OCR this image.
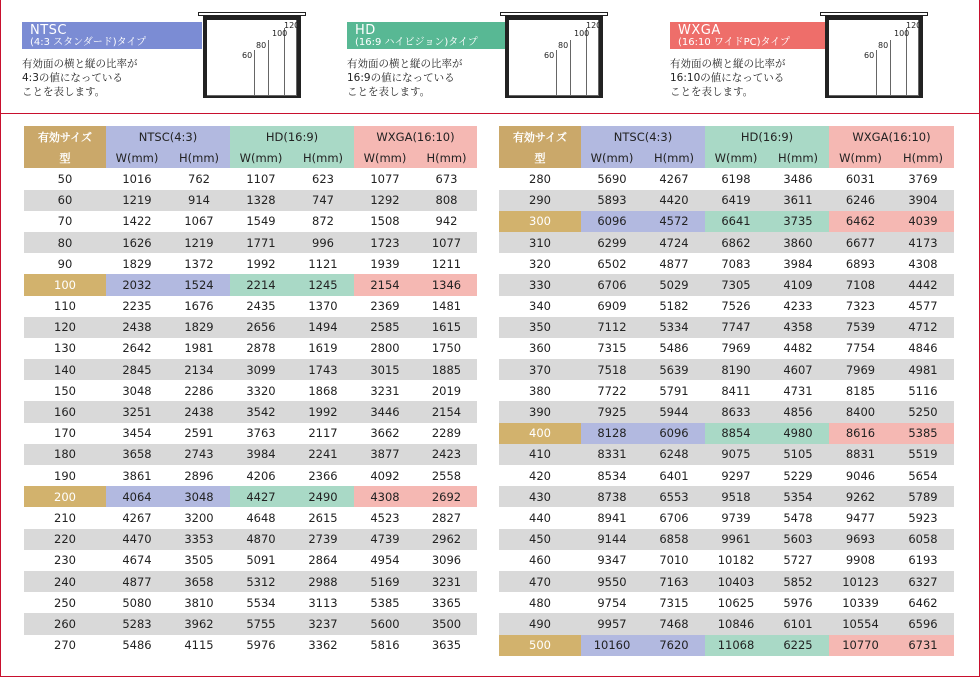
NTSC
(4:3 スタンダード)タイプ
有効面の横と縦の比率が
4:3の値になっている
ことを表します。
60
80
100
120	HD
(16:9 ハイビジョン)タイプ
有効面の横と縦の比率が
16:9の値になっている
ことを表します。
60
80
100
120	WXGA
(16:10 ワイドPC)タイプ
有効面の横と縦の比率が
16:10の値になっている
ことを表します。
60
80
100
120
有効サイズ	NTSC(4:3)		HD(16:9)		WXGA(16:10)	
型	W(mm)	H(mm)	W(mm)	H(mm)	W(mm)	H(mm)
50	1016	762	1107	623	1077	673
60	1219	914	1328	747	1292	808
70	1422	1067	1549	872	1508	942
80	1626	1219	1771	996	1723	1077
90	1829	1372	1992	1121	1939	1211
100	2032	1524	2214	1245	2154	1346
110	2235	1676	2435	1370	2369	1481
120	2438	1829	2656	1494	2585	1615
130	2642	1981	2878	1619	2800	1750
140	2845	2134	3099	1743	3015	1885
150	3048	2286	3320	1868	3231	2019
160	3251	2438	3542	1992	3446	2154
170	3454	2591	3763	2117	3662	2289
180	3658	2743	3984	2241	3877	2423
190	3861	2896	4206	2366	4092	2558
200	4064	3048	4427	2490	4308	2692
210	4267	3200	4648	2615	4523	2827
220	4470	3353	4870	2739	4739	2962
230	4674	3505	5091	2864	4954	3096
240	4877	3658	5312	2988	5169	3231
250	5080	3810	5534	3113	5385	3365
260	5283	3962	5755	3237	5600	3500
270	5486	4115	5976	3362	5816	3635
有効サイズ	NTSC(4:3)		HD(16:9)		WXGA(16:10)	
型	W(mm)	H(mm)	W(mm)	H(mm)	W(mm)	H(mm)
280	5690	4267	6198	3486	6031	3769
290	5893	4420	6419	3611	6246	3904
300	6096	4572	6641	3735	6462	4039
310	6299	4724	6862	3860	6677	4173
320	6502	4877	7083	3984	6893	4308
330	6706	5029	7305	4109	7108	4442
340	6909	5182	7526	4233	7323	4577
350	7112	5334	7747	4358	7539	4712
360	7315	5486	7969	4482	7754	4846
370	7518	5639	8190	4607	7969	4981
380	7722	5791	8411	4731	8185	5116
390	7925	5944	8633	4856	8400	5250
400	8128	6096	8854	4980	8616	5385
410	8331	6248	9075	5105	8831	5519
420	8534	6401	9297	5229	9046	5654
430	8738	6553	9518	5354	9262	5789
440	8941	6706	9739	5478	9477	5923
450	9144	6858	9961	5603	9693	6058
460	9347	7010	10182	5727	9908	6193
470	9550	7163	10403	5852	10123	6327
480	9754	7315	10625	5976	10339	6462
490	9957	7468	10846	6101	10554	6596
500	10160	7620	11068	6225	10770	6731
